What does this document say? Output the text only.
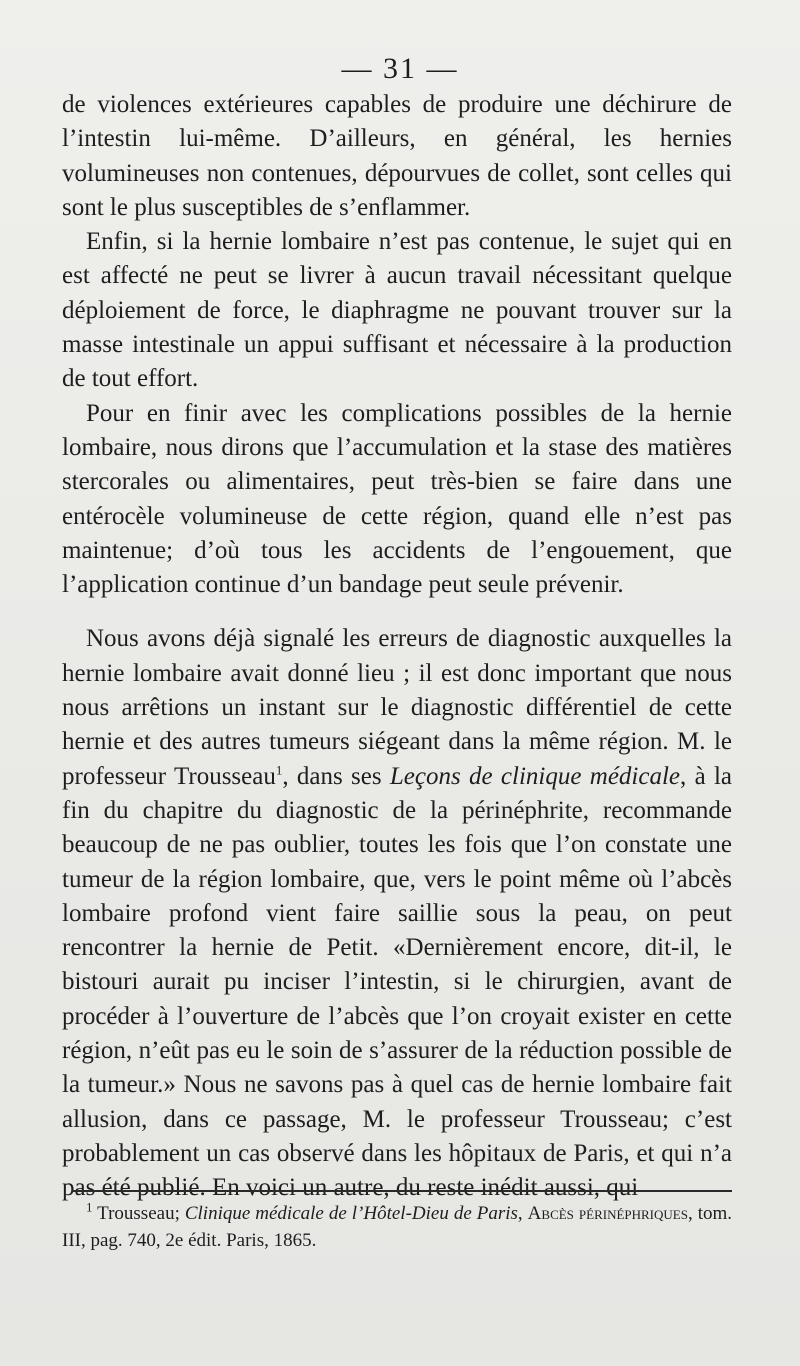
— 31 —

de violences extérieures capables de produire une déchirure de l’intestin lui-même. D’ailleurs, en général, les hernies volumineuses non contenues, dépourvues de collet, sont celles qui sont le plus susceptibles de s’enflammer.

Enfin, si la hernie lombaire n’est pas contenue, le sujet qui en est affecté ne peut se livrer à aucun travail nécessitant quelque déploiement de force, le diaphragme ne pouvant trouver sur la masse intestinale un appui suffisant et nécessaire à la production de tout effort.

Pour en finir avec les complications possibles de la hernie lombaire, nous dirons que l’accumulation et la stase des matières stercorales ou alimentaires, peut très-bien se faire dans une entérocèle volumineuse de cette région, quand elle n’est pas maintenue; d’où tous les accidents de l’engouement, que l’application continue d’un bandage peut seule prévenir.

Nous avons déjà signalé les erreurs de diagnostic auxquelles la hernie lombaire avait donné lieu ; il est donc important que nous nous arrêtions un instant sur le diagnostic différentiel de cette hernie et des autres tumeurs siégeant dans la même région. M. le professeur Trousseau$^1$, dans ses Leçons de clinique médicale, à la fin du chapitre du diagnostic de la périnéphrite, recommande beaucoup de ne pas oublier, toutes les fois que l’on constate une tumeur de la région lombaire, que, vers le point même où l’abcès lombaire profond vient faire saillie sous la peau, on peut rencontrer la hernie de Petit. «Dernièrement encore, dit-il, le bistouri aurait pu inciser l’intestin, si le chirurgien, avant de procéder à l’ouverture de l’abcès que l’on croyait exister en cette région, n’eût pas eu le soin de s’assurer de la réduction possible de la tumeur.» Nous ne savons pas à quel cas de hernie lombaire fait allusion, dans ce passage, M. le professeur Trousseau; c’est probablement un cas observé dans les hôpitaux de Paris, et qui n’a pas été publié. En voici un autre, du reste inédit aussi, qui

$^1$ Trousseau; Clinique médicale de l’Hôtel-Dieu de Paris, Abcès périnéphriques, tom. III, pag. 740, 2e édit. Paris, 1865.
